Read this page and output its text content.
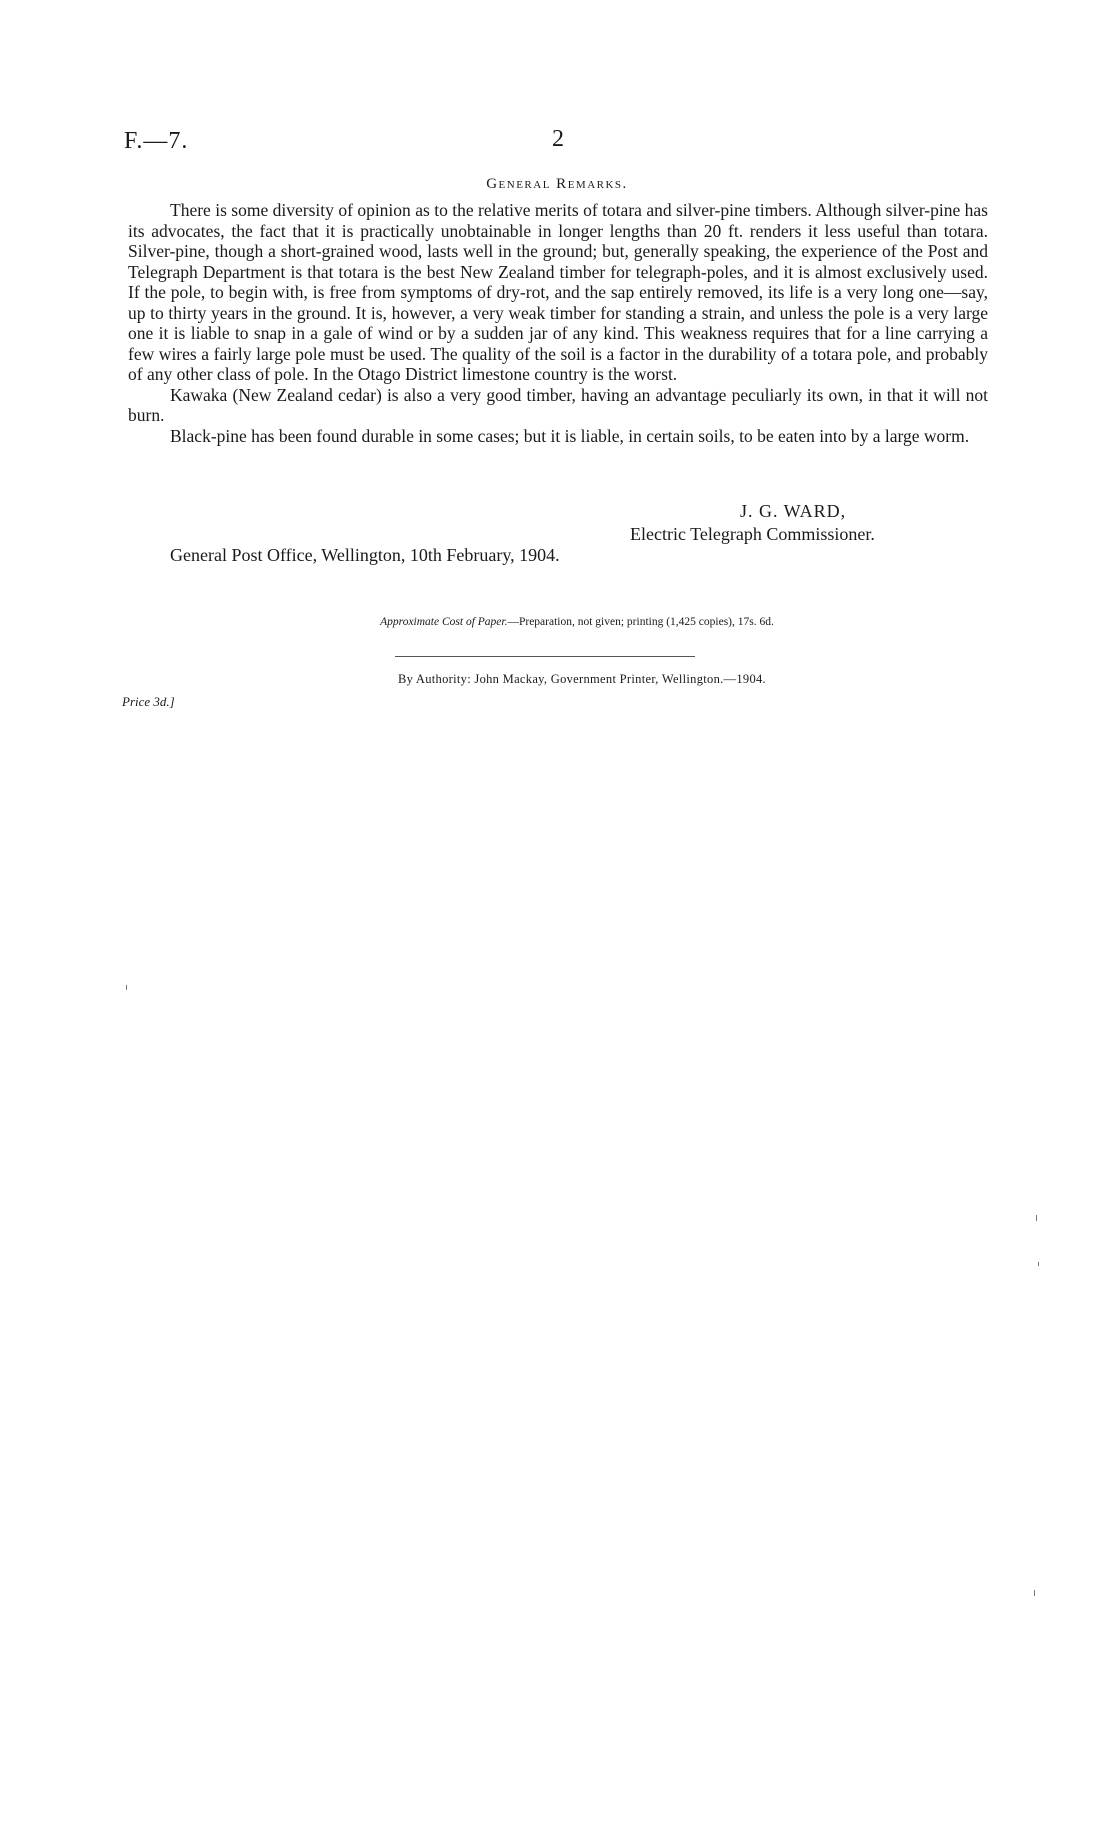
F.—7.	2
General Remarks.

There is some diversity of opinion as to the relative merits of totara and silver-pine timbers. Although silver-pine has its advocates, the fact that it is practically unobtainable in longer lengths than 20 ft. renders it less useful than totara. Silver-pine, though a short-grained wood, lasts well in the ground; but, generally speaking, the experience of the Post and Telegraph Department is that totara is the best New Zealand timber for telegraph-poles, and it is almost exclusively used. If the pole, to begin with, is free from symptoms of dry-rot, and the sap entirely removed, its life is a very long one—say, up to thirty years in the ground. It is, however, a very weak timber for standing a strain, and unless the pole is a very large one it is liable to snap in a gale of wind or by a sudden jar of any kind. This weakness requires that for a line carrying a few wires a fairly large pole must be used. The quality of the soil is a factor in the durability of a totara pole, and probably of any other class of pole. In the Otago District limestone country is the worst.

Kawaka (New Zealand cedar) is also a very good timber, having an advantage peculiarly its own, in that it will not burn.

Black-pine has been found durable in some cases; but it is liable, in certain soils, to be eaten into by a large worm.

J. G. WARD,
Electric Telegraph Commissioner.
General Post Office, Wellington, 10th February, 1904.
Approximate Cost of Paper.—Preparation, not given; printing (1,425 copies), 17s. 6d.
By Authority: John Mackay, Government Printer, Wellington.—1904.
Price 3d.]
